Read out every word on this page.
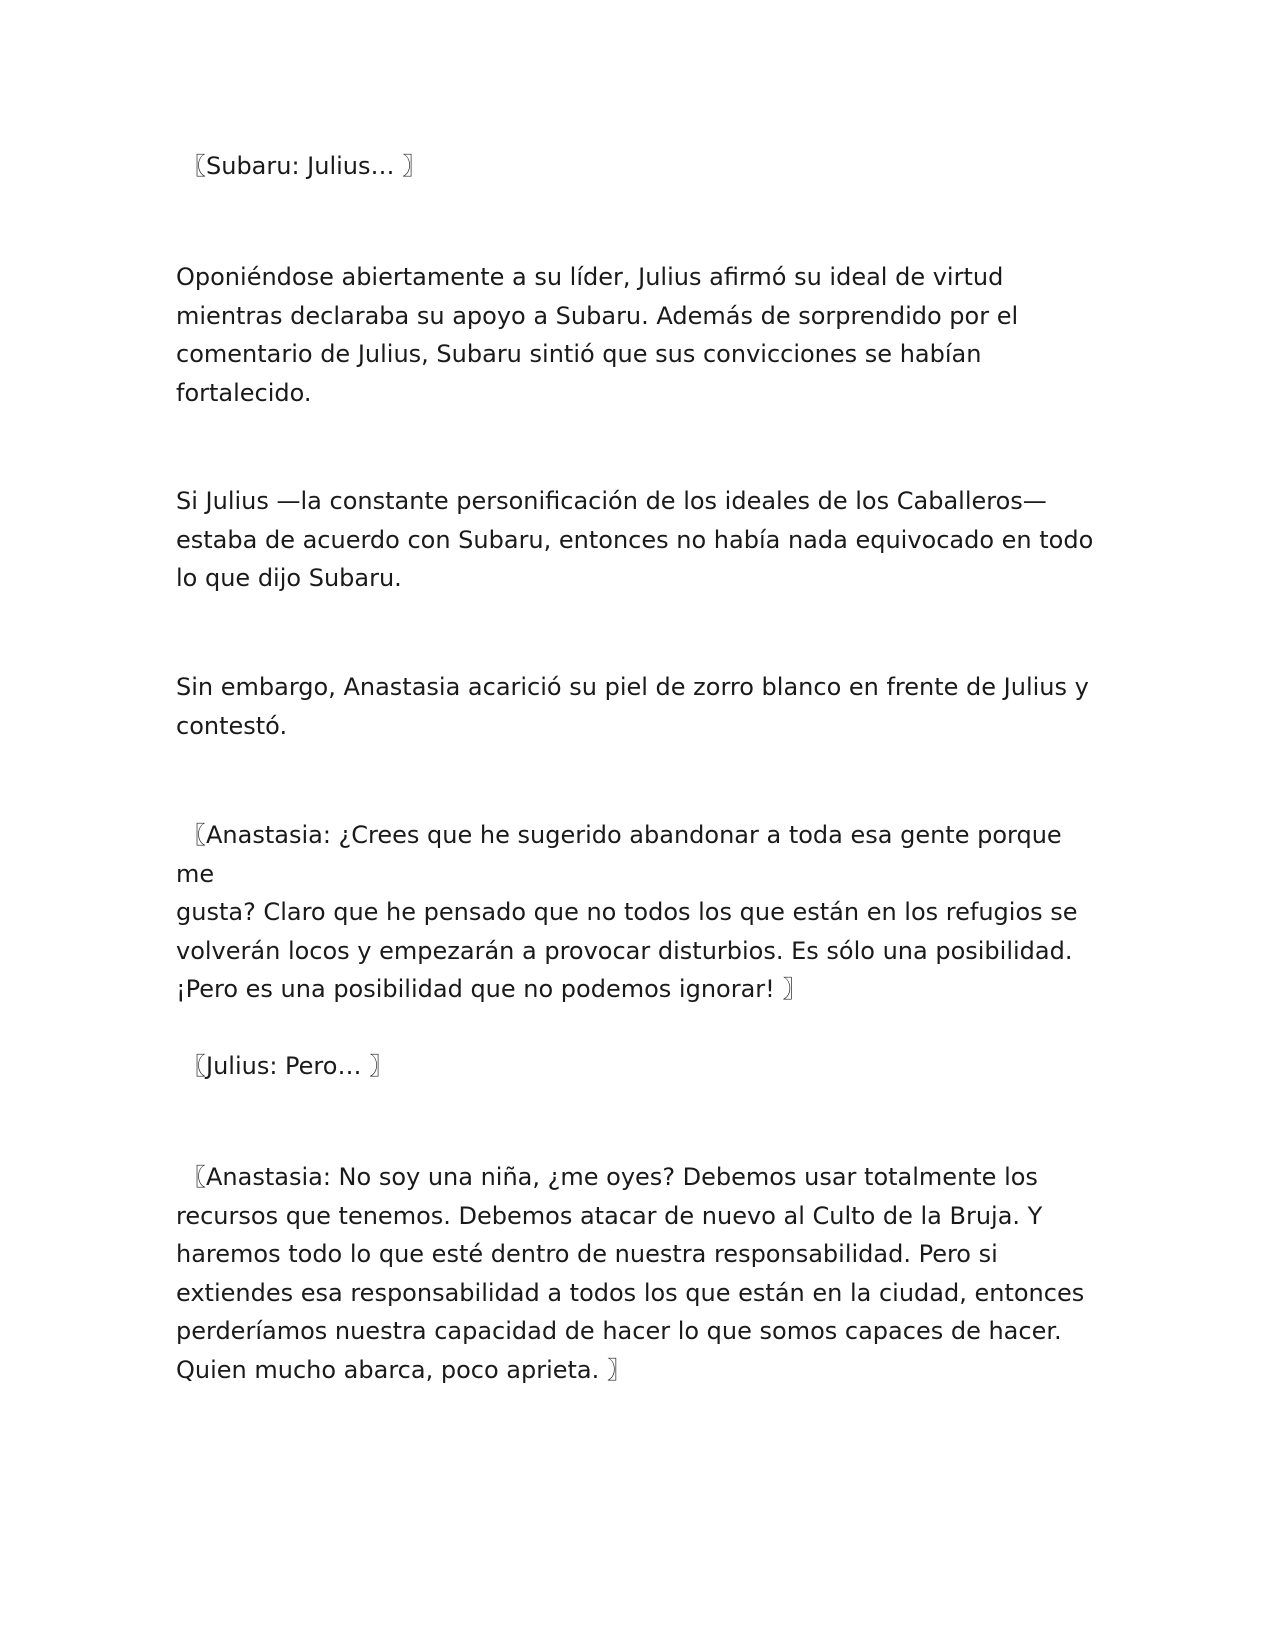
〖Subaru: Julius… 〗

Oponiéndose abiertamente a su líder, Julius afirmó su ideal de virtud
mientras declaraba su apoyo a Subaru. Además de sorprendido por el
comentario de Julius, Subaru sintió que sus convicciones se habían
fortalecido.

Si Julius —la constante personificación de los ideales de los Caballeros—
estaba de acuerdo con Subaru, entonces no había nada equivocado en todo
lo que dijo Subaru.

Sin embargo, Anastasia acarició su piel de zorro blanco en frente de Julius y
contestó.

〖Anastasia: ¿Crees que he sugerido abandonar a toda esa gente porque me
gusta? Claro que he pensado que no todos los que están en los refugios se
volverán locos y empezarán a provocar disturbios. Es sólo una posibilidad.
¡Pero es una posibilidad que no podemos ignorar! 〗

〖Julius: Pero… 〗

〖Anastasia: No soy una niña, ¿me oyes? Debemos usar totalmente los
recursos que tenemos. Debemos atacar de nuevo al Culto de la Bruja. Y
haremos todo lo que esté dentro de nuestra responsabilidad. Pero si
extiendes esa responsabilidad a todos los que están en la ciudad, entonces
perderíamos nuestra capacidad de hacer lo que somos capaces de hacer.
Quien mucho abarca, poco aprieta. 〗
